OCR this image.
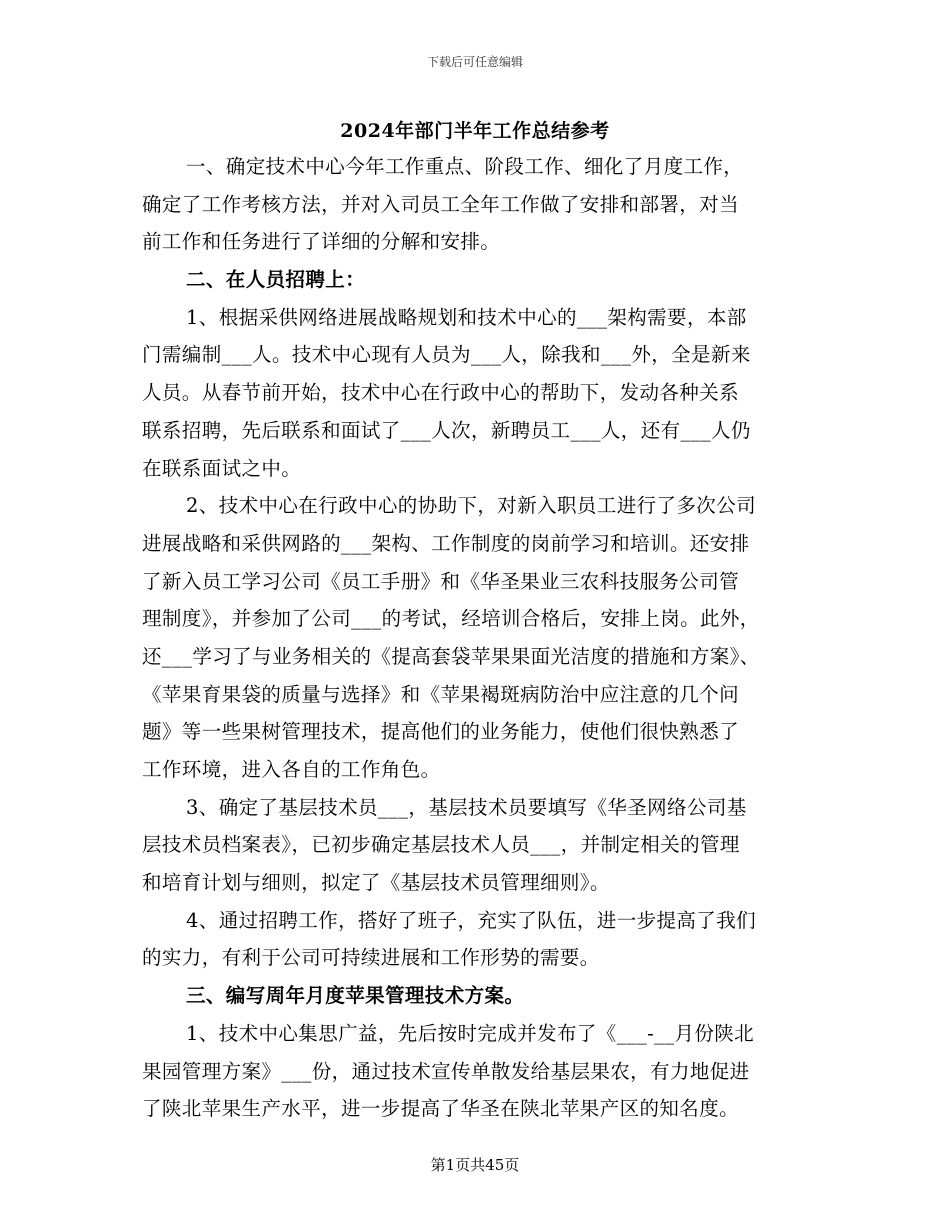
下载后可任意编辑
2024年部门半年工作总结参考
一、确定技术中心今年工作重点、阶段工作、细化了月度工作，
确定了工作考核方法，并对入司员工全年工作做了安排和部署，对当
前工作和任务进行了详细的分解和安排。
二、在人员招聘上：
1、根据采供网络进展战略规划和技术中心的___架构需要，本部
门需编制___人。技术中心现有人员为___人，除我和___外，全是新来
人员。从春节前开始，技术中心在行政中心的帮助下，发动各种关系
联系招聘，先后联系和面试了___人次，新聘员工___人，还有___人仍
在联系面试之中。
2、技术中心在行政中心的协助下，对新入职员工进行了多次公司
进展战略和采供网路的___架构、工作制度的岗前学习和培训。还安排
了新入员工学习公司《员工手册》和《华圣果业三农科技服务公司管
理制度》，并参加了公司___的考试，经培训合格后，安排上岗。此外，
还___学习了与业务相关的《提高套袋苹果果面光洁度的措施和方案》、
《苹果育果袋的质量与选择》和《苹果褐斑病防治中应注意的几个问
题》等一些果树管理技术，提高他们的业务能力，使他们很快熟悉了
工作环境，进入各自的工作角色。
3、确定了基层技术员___，基层技术员要填写《华圣网络公司基
层技术员档案表》，已初步确定基层技术人员___，并制定相关的管理
和培育计划与细则，拟定了《基层技术员管理细则》。
4、通过招聘工作，搭好了班子，充实了队伍，进一步提高了我们
的实力，有利于公司可持续进展和工作形势的需要。
三、编写周年月度苹果管理技术方案。
1、技术中心集思广益，先后按时完成并发布了《___-__月份陕北
果园管理方案》___份，通过技术宣传单散发给基层果农，有力地促进
了陕北苹果生产水平，进一步提高了华圣在陕北苹果产区的知名度。
第1页共45页
